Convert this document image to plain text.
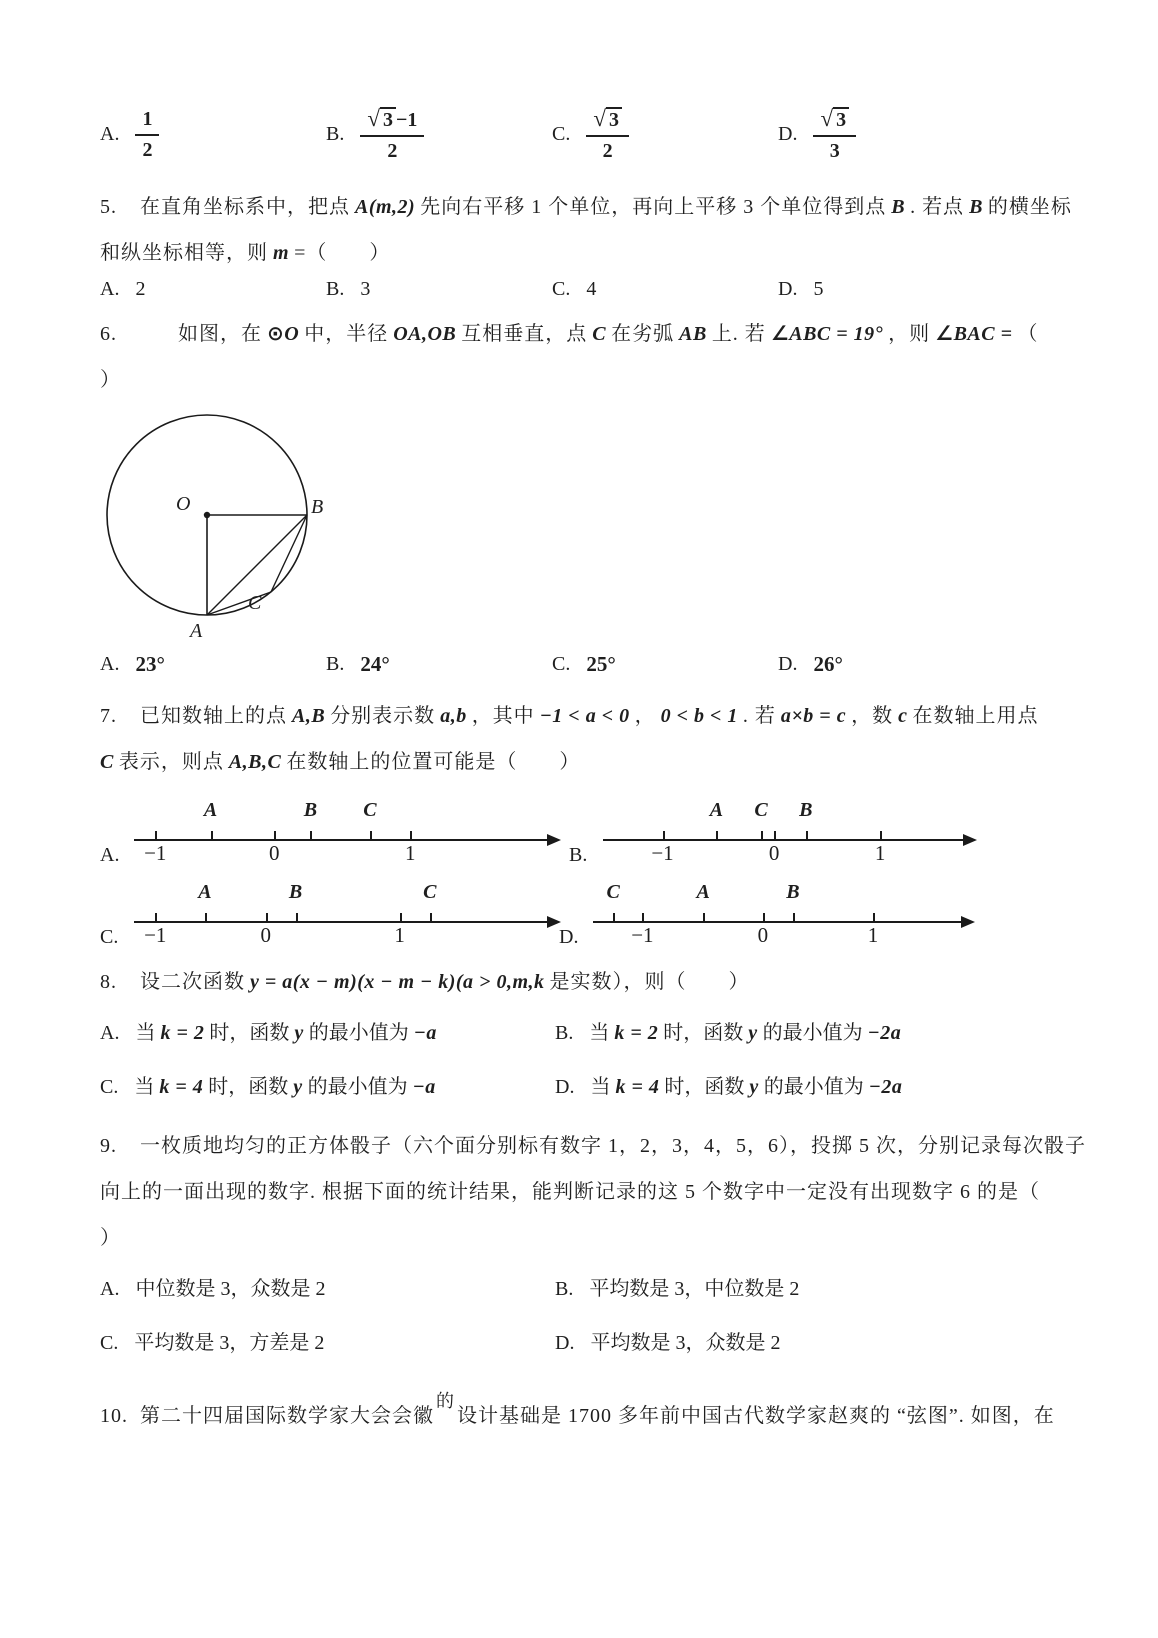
A. $\frac{1}{2}$	B. $\frac{√ 3 -1}{2}$	C. $\frac{√ 3}{2}$	D. $\frac{√ 3}{3}$
5. 在直角坐标系中，把点 A(m,2) 先向右平移 1 个单位，再向上平移 3 个单位得到点 B . 若点 B 的横坐标
和纵坐标相等，则 m =（　　）
A. 2	B. 3	C. 4	D. 5
6.	如图，在 ⊙O 中，半径 OA,OB 互相垂直，点 C 在劣弧 AB 上. 若 ∠ABC = 19° ，则 ∠BAC = （
）
O	B
A
C
A. 23°	B. 24°	C. 25°	D. 26°
7. 已知数轴上的点 A,B 分别表示数 a,b ，其中 −1 < a < 0 ， 0 < b < 1 . 若 a×b = c ，数 c 在数轴上用点
C 表示，则点 A,B,C 在数轴上的位置可能是（　　）
A.	−1	0	1
A	B C
B.	−1	0	1
A C B
C.	−1	0	1
A	B	C
D.	−1	0	1
C	A	B
8. 设二次函数 y = a(x − m)(x − m − k)(a > 0,m,k 是实数），则（　　）
A. 当 k = 2 时，函数 y 的最小值为 −a	B. 当 k = 2 时，函数 y 的最小值为 −2a
C. 当 k = 4 时，函数 y 的最小值为 −a	D. 当 k = 4 时，函数 y 的最小值为 −2a
9. 一枚质地均匀的正方体骰子（六个面分别标有数字 1，2，3，4，5，6），投掷 5 次，分别记录每次骰子
向上的一面出现的数字. 根据下面的统计结果，能判断记录的这 5 个数字中一定没有出现数字 6 的是（
）
A. 中位数是 3，众数是 2	B. 平均数是 3，中位数是 2
C. 平均数是 3，方差是 2	D. 平均数是 3，众数是 2
10. 第二十四届国际数学家大会会徽的设计基础是 1700 多年前中国古代数学家赵爽的 “弦图”. 如图，在
